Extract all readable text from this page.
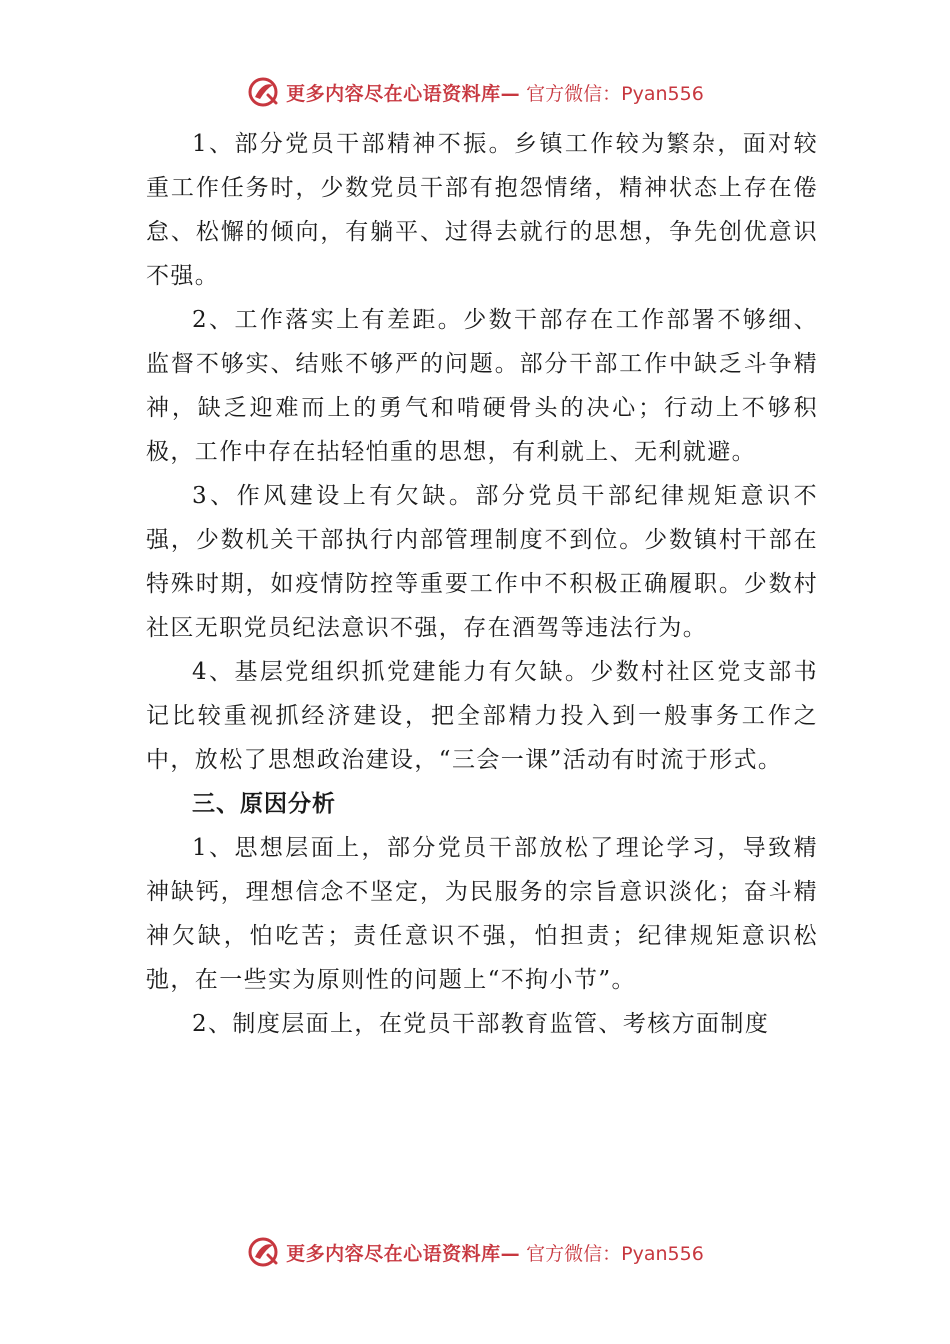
更多内容尽在心语资料库— 官方微信：Pyan556

1、部分党员干部精神不振。乡镇工作较为繁杂，面对较重工作任务时，少数党员干部有抱怨情绪，精神状态上存在倦怠、松懈的倾向，有躺平、过得去就行的思想，争先创优意识不强。

2、工作落实上有差距。少数干部存在工作部署不够细、监督不够实、结账不够严的问题。部分干部工作中缺乏斗争精神，缺乏迎难而上的勇气和啃硬骨头的决心；行动上不够积极，工作中存在拈轻怕重的思想，有利就上、无利就避。

3、作风建设上有欠缺。部分党员干部纪律规矩意识不强，少数机关干部执行内部管理制度不到位。少数镇村干部在特殊时期，如疫情防控等重要工作中不积极正确履职。少数村社区无职党员纪法意识不强，存在酒驾等违法行为。

4、基层党组织抓党建能力有欠缺。少数村社区党支部书记比较重视抓经济建设，把全部精力投入到一般事务工作之中，放松了思想政治建设，“三会一课”活动有时流于形式。

三、原因分析

1、思想层面上，部分党员干部放松了理论学习，导致精神缺钙，理想信念不坚定，为民服务的宗旨意识淡化；奋斗精神欠缺，怕吃苦；责任意识不强，怕担责；纪律规矩意识松弛，在一些实为原则性的问题上“不拘小节”。

2、制度层面上，在党员干部教育监管、考核方面制度

更多内容尽在心语资料库— 官方微信：Pyan556
